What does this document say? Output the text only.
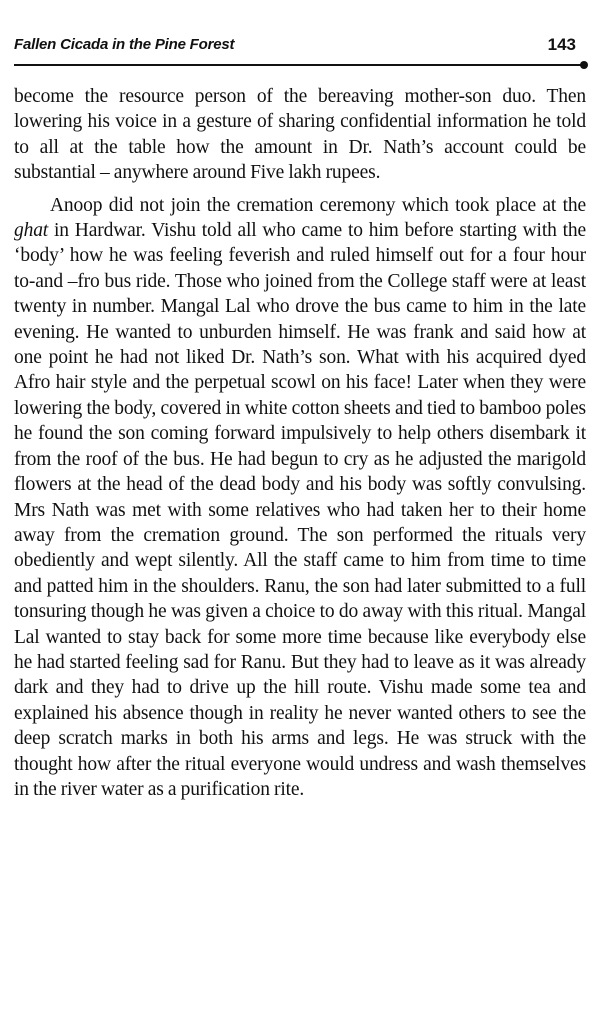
Fallen Cicada in the Pine Forest	143

become the resource person of the bereaving mother-son duo. Then lowering his voice in a gesture of sharing confidential information he told to all at the table how the amount in Dr. Nath’s account could be substantial – anywhere around Five lakh rupees.

Anoop did not join the cremation ceremony which took place at the ghat in Hardwar. Vishu told all who came to him before starting with the ‘body’ how he was feeling feverish and ruled himself out for a four hour to-and –fro bus ride. Those who joined from the College staff were at least twenty in number. Mangal Lal who drove the bus came to him in the late evening. He wanted to unburden himself. He was frank and said how at one point he had not liked Dr. Nath’s son. What with his acquired dyed Afro hair style and the perpetual scowl on his face! Later when they were lowering the body, covered in white cotton sheets and tied to bamboo poles he found the son coming forward impulsively to help others disembark it from the roof of the bus. He had begun to cry as he adjusted the marigold flowers at the head of the dead body and his body was softly convulsing. Mrs Nath was met with some relatives who had taken her to their home away from the cremation ground. The son performed the rituals very obediently and wept silently. All the staff came to him from time to time and patted him in the shoulders. Ranu, the son had later submitted to a full tonsuring though he was given a choice to do away with this ritual. Mangal Lal wanted to stay back for some more time because like everybody else he had started feeling sad for Ranu. But they had to leave as it was already dark and they had to drive up the hill route. Vishu made some tea and explained his absence though in reality he never wanted others to see the deep scratch marks in both his arms and legs. He was struck with the thought how after the ritual everyone would undress and wash themselves in the river water as a purification rite.
